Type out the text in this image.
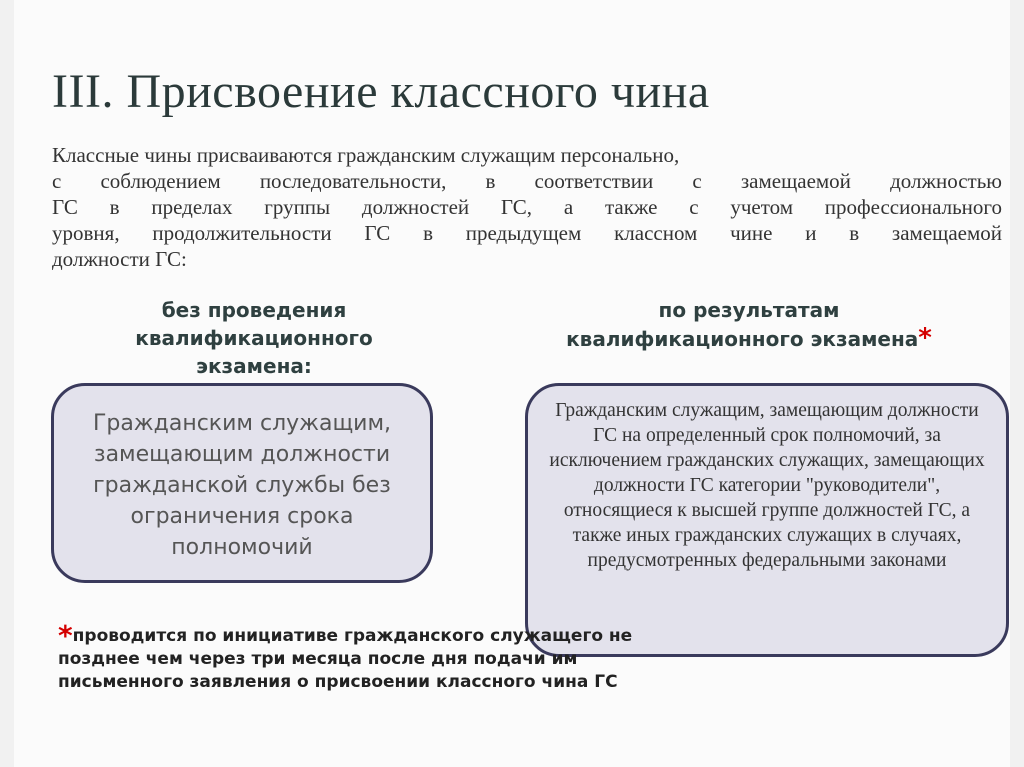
III. Присвоение классного чина
Классные чины присваиваются гражданским служащим персонально,
с соблюдением последовательности, в соответствии с замещаемой должностью
ГС в пределах группы должностей ГС, а также с учетом профессионального
уровня, продолжительности ГС в предыдущем классном чине и в замещаемой
должности ГС:
без проведения
квалификационного
экзамена:
по результатам
квалификационного экзамена*
Гражданским служащим, замещающим должности гражданской службы без ограничения срока полномочий
Гражданским служащим, замещающим должности ГС на определенный срок полномочий, за исключением гражданских служащих, замещающих должности ГС категории "руководители", относящиеся к высшей группе должностей ГС, а также иных гражданских служащих в случаях, предусмотренных федеральными законами
*проводится по инициативе гражданского служащего не позднее чем через три месяца после дня подачи им письменного заявления о присвоении классного чина ГС
